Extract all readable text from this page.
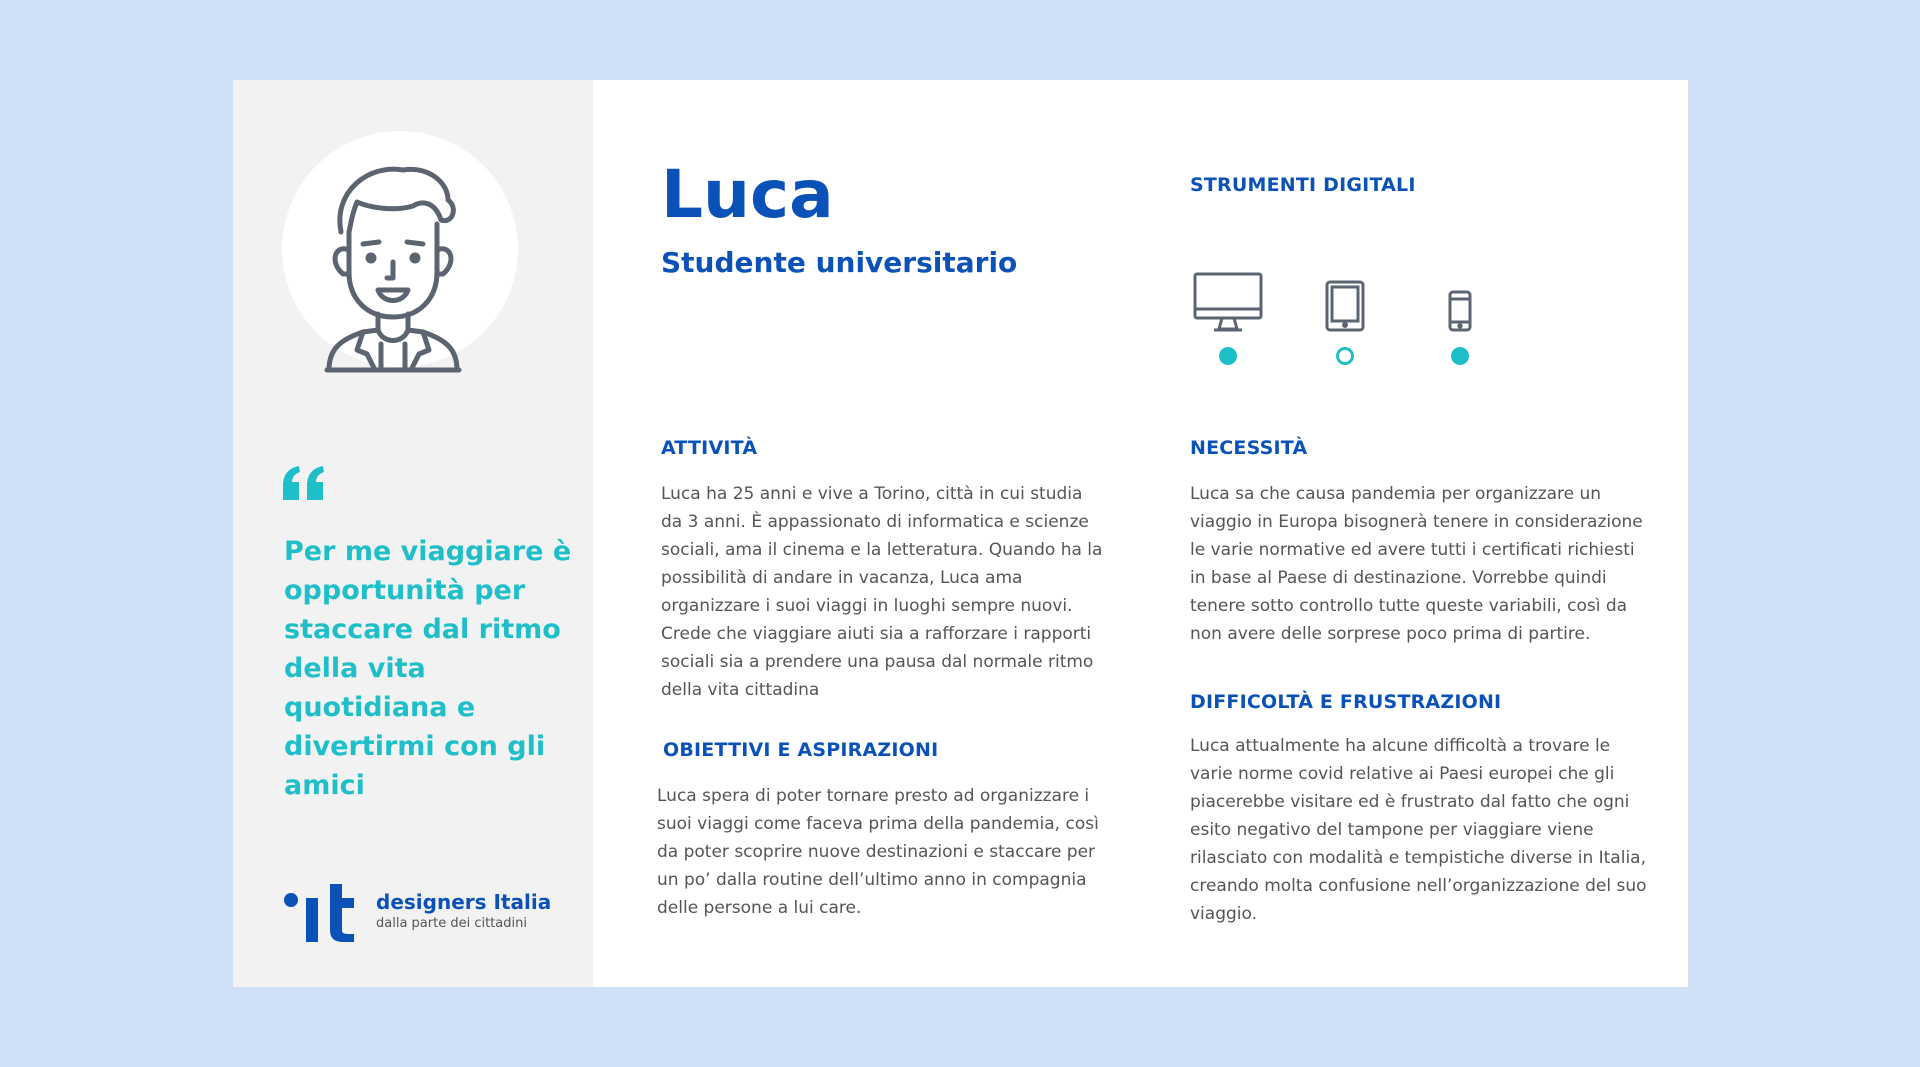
Per me viaggiare è opportunità per staccare dal ritmo della vita quotidiana e divertirmi con gli amici

designers Italia
dalla parte dei cittadini
Luca
Studente universitario
STRUMENTI DIGITALI
ATTIVITÀ

Luca ha 25 anni e vive a Torino, città in cui studia da 3 anni. È appassionato di informatica e scienze sociali, ama il cinema e la letteratura. Quando ha la possibilità di andare in vacanza, Luca ama organizzare i suoi viaggi in luoghi sempre nuovi. Crede che viaggiare aiuti sia a rafforzare i rapporti sociali sia a prendere una pausa dal normale ritmo della vita cittadina

OBIETTIVI E ASPIRAZIONI

Luca spera di poter tornare presto ad organizzare i suoi viaggi come faceva prima della pandemia, così da poter scoprire nuove destinazioni e staccare per un po’ dalla routine dell’ultimo anno in compagnia delle persone a lui care.

NECESSITÀ

Luca sa che causa pandemia per organizzare un viaggio in Europa bisognerà tenere in considerazione le varie normative ed avere tutti i certificati richiesti in base al Paese di destinazione. Vorrebbe quindi tenere sotto controllo tutte queste variabili, così da non avere delle sorprese poco prima di partire.

DIFFICOLTÀ E FRUSTRAZIONI

Luca attualmente ha alcune difficoltà a trovare le varie norme covid relative ai Paesi europei che gli piacerebbe visitare ed è frustrato dal fatto che ogni esito negativo del tampone per viaggiare viene rilasciato con modalità e tempistiche diverse in Italia, creando molta confusione nell’organizzazione del suo viaggio.
